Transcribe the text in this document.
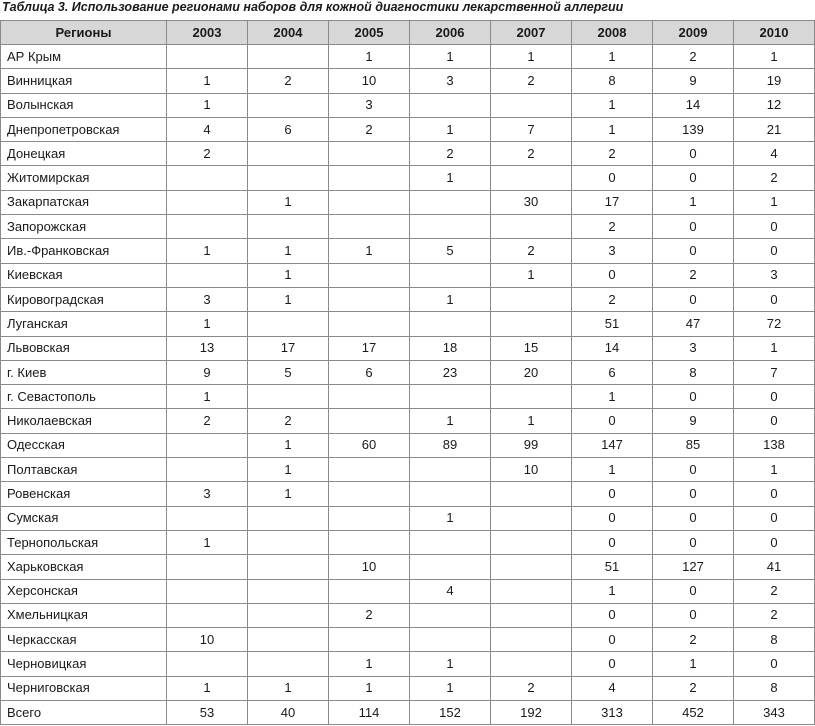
Таблица 3. Использование регионами наборов для кожной диагностики лекарственной аллергии
Регионы	2003	2004	2005	2006	2007	2008	2009	2010
АР Крым			1	1	1	1	2	1
Винницкая	1	2	10	3	2	8	9	19
Волынская	1		3			1	14	12
Днепропетровская	4	6	2	1	7	1	139	21
Донецкая	2			2	2	2	0	4
Житомирская				1		0	0	2
Закарпатская		1			30	17	1	1
Запорожская						2	0	0
Ив.-Франковская	1	1	1	5	2	3	0	0
Киевская		1			1	0	2	3
Кировоградская	3	1		1		2	0	0
Луганская	1					51	47	72
Львовская	13	17	17	18	15	14	3	1
г. Киев	9	5	6	23	20	6	8	7
г. Севастополь	1					1	0	0
Николаевская	2	2		1	1	0	9	0
Одесская		1	60	89	99	147	85	138
Полтавская		1			10	1	0	1
Ровенская	3	1				0	0	0
Сумская				1		0	0	0
Тернопольская	1					0	0	0
Харьковская			10			51	127	41
Херсонская				4		1	0	2
Хмельницкая			2			0	0	2
Черкасская	10					0	2	8
Черновицкая			1	1		0	1	0
Черниговская	1	1	1	1	2	4	2	8
Всего	53	40	114	152	192	313	452	343
